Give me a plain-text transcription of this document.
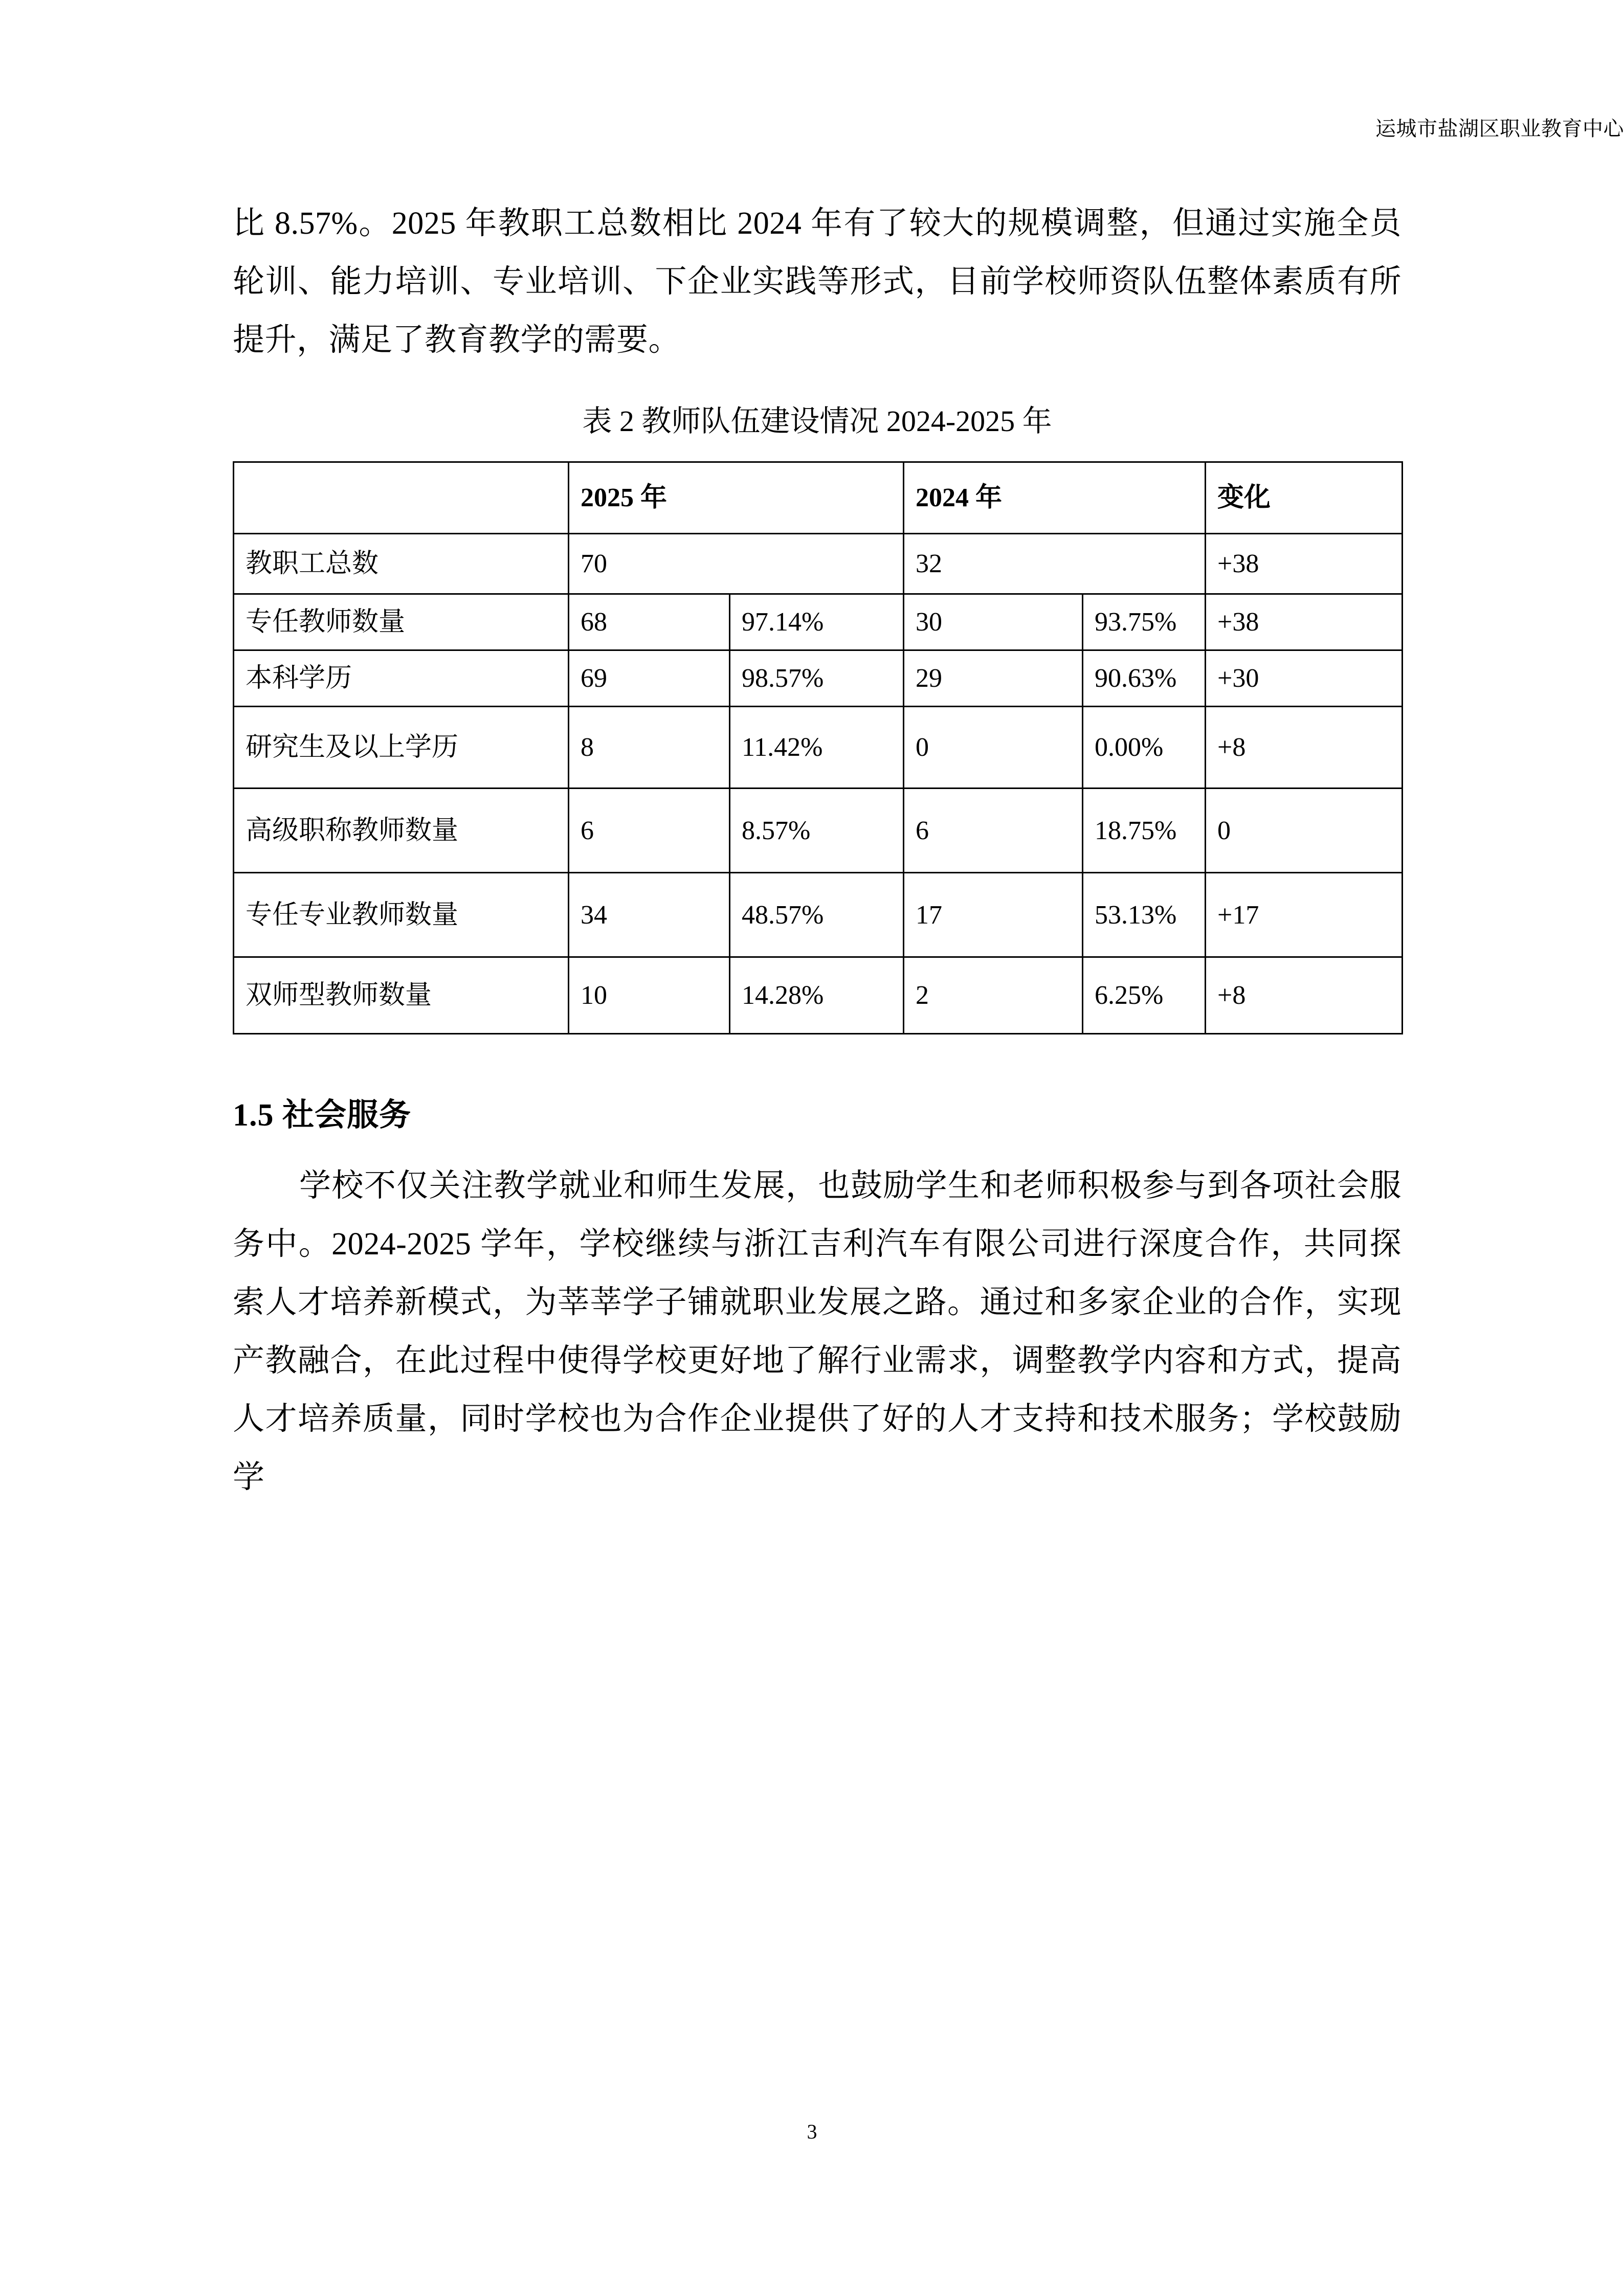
运城市盐湖区职业教育中心

比 8.57%。2025 年教职工总数相比 2024 年有了较大的规模调整，但通过实施全员轮训、能力培训、专业培训、下企业实践等形式，目前学校师资队伍整体素质有所提升，满足了教育教学的需要。

表 2 教师队伍建设情况 2024-2025 年
	2025 年		2024 年		变化
教职工总数	70		32		+38
专任教师数量	68	97.14%	30	93.75%	+38
本科学历	69	98.57%	29	90.63%	+30
研究生及以上学历	8	11.42%	0	0.00%	+8
高级职称教师数量	6	8.57%	6	18.75%	0
专任专业教师数量	34	48.57%	17	53.13%	+17
双师型教师数量	10	14.28%	2	6.25%	+8
1.5 社会服务

学校不仅关注教学就业和师生发展，也鼓励学生和老师积极参与到各项社会服务中。2024-2025 学年，学校继续与浙江吉利汽车有限公司进行深度合作，共同探索人才培养新模式，为莘莘学子铺就职业发展之路。通过和多家企业的合作，实现产教融合，在此过程中使得学校更好地了解行业需求，调整教学内容和方式，提高人才培养质量，同时学校也为合作企业提供了好的人才支持和技术服务；学校鼓励学

3
